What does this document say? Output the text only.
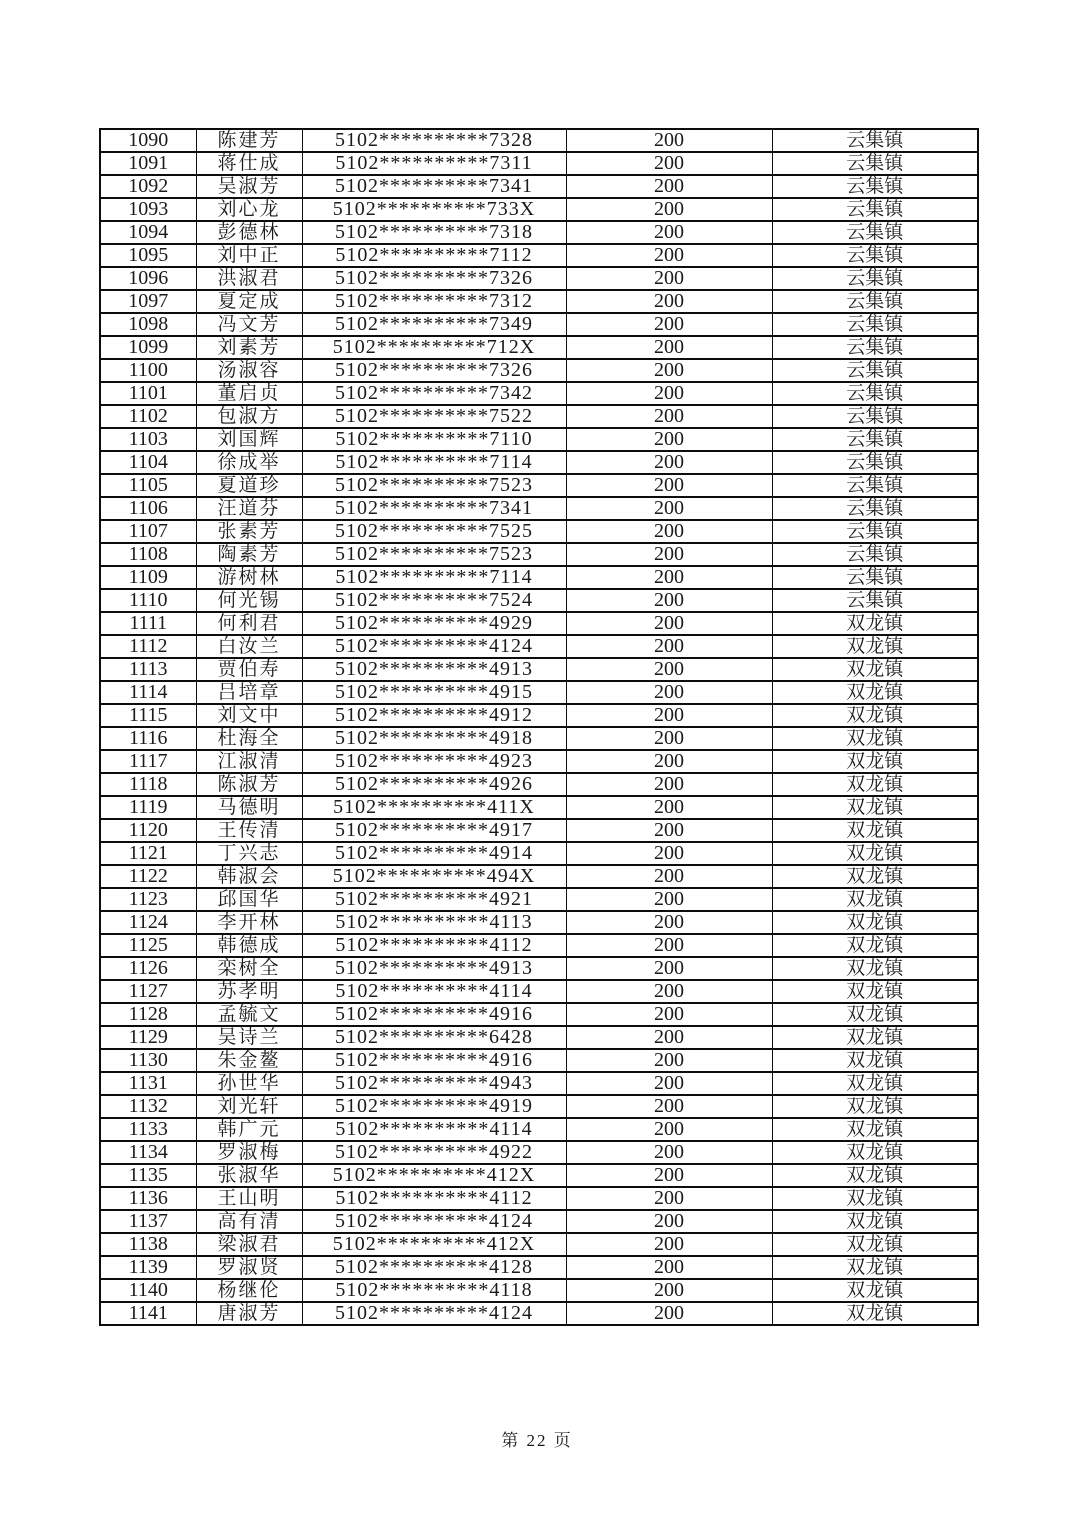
1090	陈建芳	5102**********7328	200	云集镇
1091	蒋仕成	5102**********7311	200	云集镇
1092	吴淑芳	5102**********7341	200	云集镇
1093	刘心龙	5102**********733X	200	云集镇
1094	彭德林	5102**********7318	200	云集镇
1095	刘中正	5102**********7112	200	云集镇
1096	洪淑君	5102**********7326	200	云集镇
1097	夏定成	5102**********7312	200	云集镇
1098	冯文芳	5102**********7349	200	云集镇
1099	刘素芳	5102**********712X	200	云集镇
1100	汤淑容	5102**********7326	200	云集镇
1101	董启贞	5102**********7342	200	云集镇
1102	包淑方	5102**********7522	200	云集镇
1103	刘国辉	5102**********7110	200	云集镇
1104	徐成举	5102**********7114	200	云集镇
1105	夏道珍	5102**********7523	200	云集镇
1106	汪道芬	5102**********7341	200	云集镇
1107	张素芳	5102**********7525	200	云集镇
1108	陶素芳	5102**********7523	200	云集镇
1109	游树林	5102**********7114	200	云集镇
1110	何光锡	5102**********7524	200	云集镇
1111	何利君	5102**********4929	200	双龙镇
1112	白汝兰	5102**********4124	200	双龙镇
1113	贾伯寿	5102**********4913	200	双龙镇
1114	吕培章	5102**********4915	200	双龙镇
1115	刘文中	5102**********4912	200	双龙镇
1116	杜海全	5102**********4918	200	双龙镇
1117	江淑清	5102**********4923	200	双龙镇
1118	陈淑芳	5102**********4926	200	双龙镇
1119	马德明	5102**********411X	200	双龙镇
1120	王传清	5102**********4917	200	双龙镇
1121	丁兴志	5102**********4914	200	双龙镇
1122	韩淑会	5102**********494X	200	双龙镇
1123	邱国华	5102**********4921	200	双龙镇
1124	李开林	5102**********4113	200	双龙镇
1125	韩德成	5102**********4112	200	双龙镇
1126	栾树全	5102**********4913	200	双龙镇
1127	苏孝明	5102**********4114	200	双龙镇
1128	孟毓文	5102**********4916	200	双龙镇
1129	吴诗兰	5102**********6428	200	双龙镇
1130	朱金鳌	5102**********4916	200	双龙镇
1131	孙世华	5102**********4943	200	双龙镇
1132	刘光轩	5102**********4919	200	双龙镇
1133	韩广元	5102**********4114	200	双龙镇
1134	罗淑梅	5102**********4922	200	双龙镇
1135	张淑华	5102**********412X	200	双龙镇
1136	王山明	5102**********4112	200	双龙镇
1137	高有清	5102**********4124	200	双龙镇
1138	梁淑君	5102**********412X	200	双龙镇
1139	罗淑贤	5102**********4128	200	双龙镇
1140	杨继伦	5102**********4118	200	双龙镇
1141	唐淑芳	5102**********4124	200	双龙镇
第 22 页
